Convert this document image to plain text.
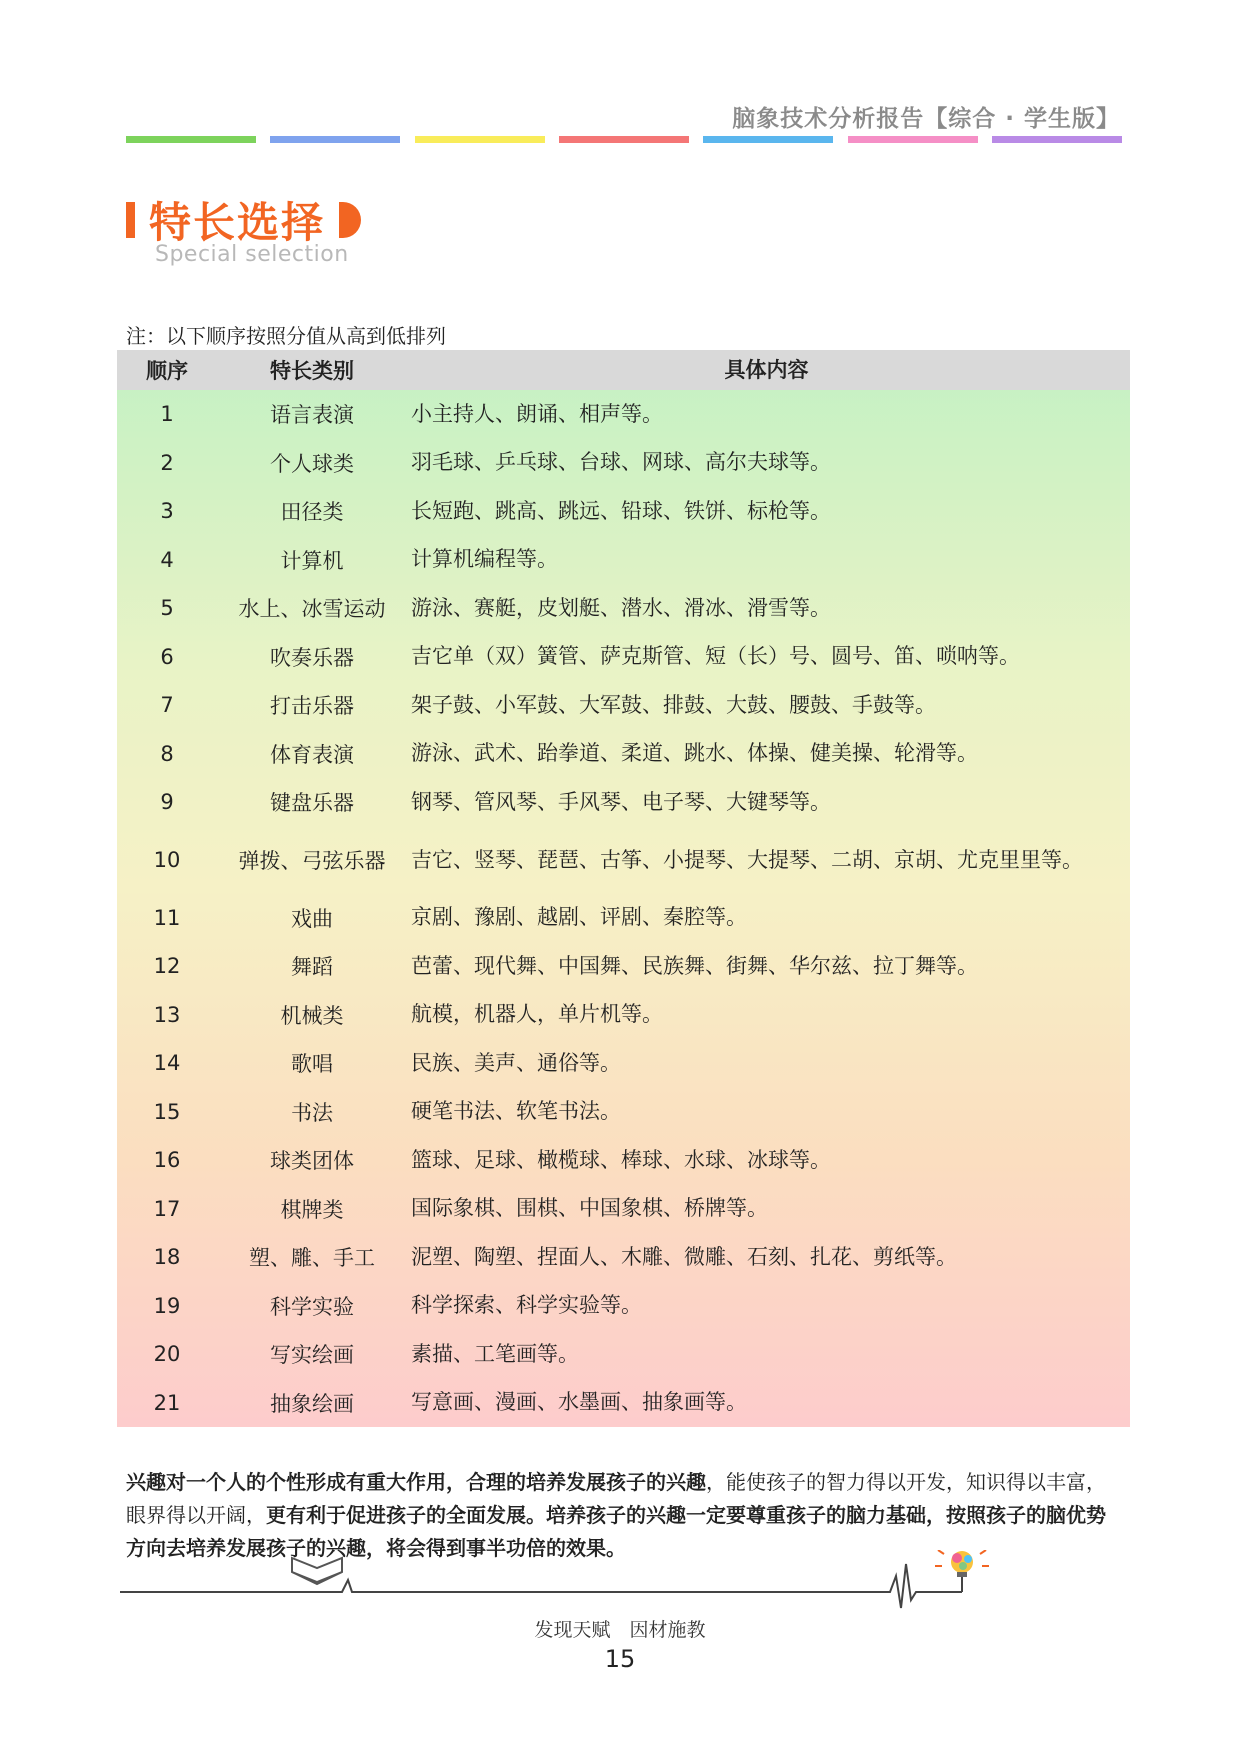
脑象技术分析报告【综合 · 学生版】
特长选择
Special selection
注：以下顺序按照分值从高到低排列
顺序	特长类别	具体内容
1	语言表演	小主持人、朗诵、相声等。
2	个人球类	羽毛球、乒乓球、台球、网球、高尔夫球等。
3	田径类	长短跑、跳高、跳远、铅球、铁饼、标枪等。
4	计算机	计算机编程等。
5	水上、冰雪运动	游泳、赛艇，皮划艇、潜水、滑冰、滑雪等。
6	吹奏乐器	吉它单（双）簧管、萨克斯管、短（长）号、圆号、笛、唢呐等。
7	打击乐器	架子鼓、小军鼓、大军鼓、排鼓、大鼓、腰鼓、手鼓等。
8	体育表演	游泳、武术、跆拳道、柔道、跳水、体操、健美操、轮滑等。
9	键盘乐器	钢琴、管风琴、手风琴、电子琴、大键琴等。
10	弹拨、弓弦乐器	吉它、竖琴、琵琶、古筝、小提琴、大提琴、二胡、京胡、尤克里里等。
11	戏曲	京剧、豫剧、越剧、评剧、秦腔等。
12	舞蹈	芭蕾、现代舞、中国舞、民族舞、街舞、华尔兹、拉丁舞等。
13	机械类	航模，机器人，单片机等。
14	歌唱	民族、美声、通俗等。
15	书法	硬笔书法、软笔书法。
16	球类团体	篮球、足球、橄榄球、棒球、水球、冰球等。
17	棋牌类	国际象棋、围棋、中国象棋、桥牌等。
18	塑、雕、手工	泥塑、陶塑、捏面人、木雕、微雕、石刻、扎花、剪纸等。
19	科学实验	科学探索、科学实验等。
20	写实绘画	素描、工笔画等。
21	抽象绘画	写意画、漫画、水墨画、抽象画等。
兴趣对一个人的个性形成有重大作用，合理的培养发展孩子的兴趣，能使孩子的智力得以开发，知识得以丰富，眼界得以开阔，更有利于促进孩子的全面发展。培养孩子的兴趣一定要尊重孩子的脑力基础，按照孩子的脑优势方向去培养发展孩子的兴趣，将会得到事半功倍的效果。
发现天赋　因材施教
15
